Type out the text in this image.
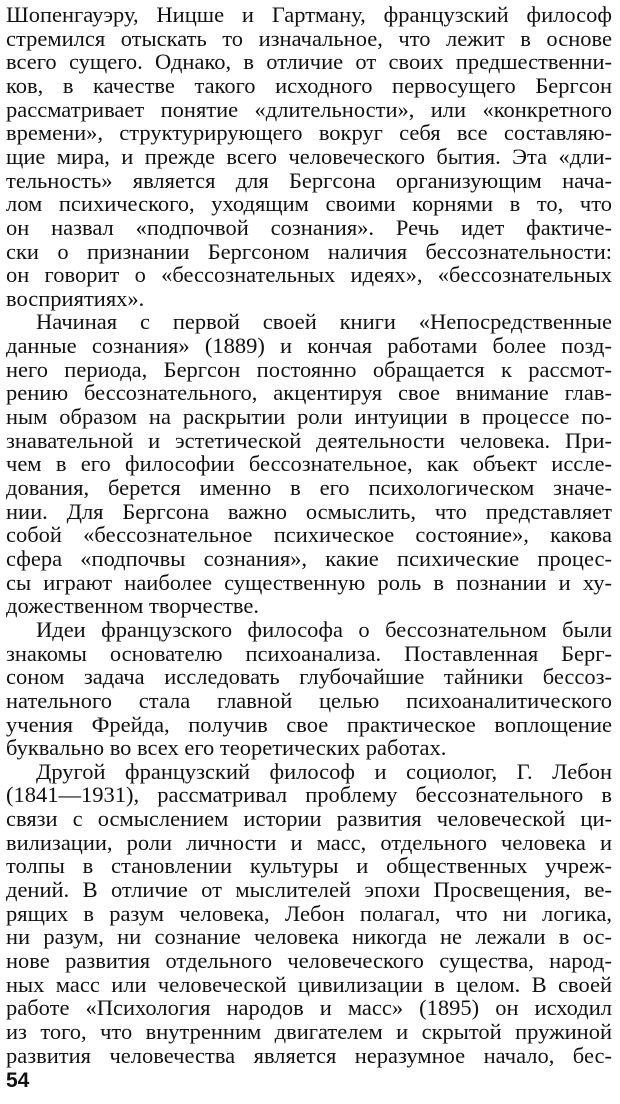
Шопенгауэру, Ницше и Гартману, французский философ
стремился отыскать то изначальное, что лежит в основе
всего сущего. Однако, в отличие от своих предшественни-
ков, в качестве такого исходного первосущего Бергсон
рассматривает понятие «длительности», или «конкретного
времени», структурирующего вокруг себя все составляю-
щие мира, и прежде всего человеческого бытия. Эта «дли-
тельность» является для Бергсона организующим нача-
лом психического, уходящим своими корнями в то, что
он назвал «подпочвой сознания». Речь идет фактиче-
ски о признании Бергсоном наличия бессознательности:
он говорит о «бессознательных идеях», «бессознательных
восприятиях».
Начиная с первой своей книги «Непосредственные
данные сознания» (1889) и кончая работами более позд-
него периода, Бергсон постоянно обращается к рассмот-
рению бессознательного, акцентируя свое внимание глав-
ным образом на раскрытии роли интуиции в процессе по-
знавательной и эстетической деятельности человека. При-
чем в его философии бессознательное, как объект иссле-
дования, берется именно в его психологическом значе-
нии. Для Бергсона важно осмыслить, что представляет
собой «бессознательное психическое состояние», какова
сфера «подпочвы сознания», какие психические процес-
сы играют наиболее существенную роль в познании и ху-
дожественном творчестве.
Идеи французского философа о бессознательном были
знакомы основателю психоанализа. Поставленная Берг-
соном задача исследовать глубочайшие тайники бессоз-
нательного стала главной целью психоаналитического
учения Фрейда, получив свое практическое воплощение
буквально во всех его теоретических работах.
Другой французский философ и социолог, Г. Лебон
(1841—1931), рассматривал проблему бессознательного в
связи с осмыслением истории развития человеческой ци-
вилизации, роли личности и масс, отдельного человека и
толпы в становлении культуры и общественных учреж-
дений. В отличие от мыслителей эпохи Просвещения, ве-
рящих в разум человека, Лебон полагал, что ни логика,
ни разум, ни сознание человека никогда не лежали в ос-
нове развития отдельного человеческого существа, народ-
ных масс или человеческой цивилизации в целом. В своей
работе «Психология народов и масс» (1895) он исходил
из того, что внутренним двигателем и скрытой пружиной
развития человечества является неразумное начало, бес-
54
